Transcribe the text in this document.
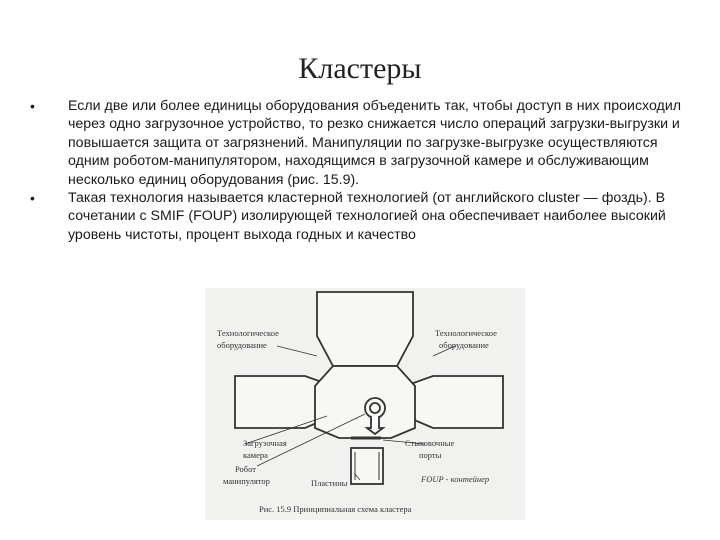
Кластеры
• Если две или более единицы оборудования объеденить так, чтобы доступ в них происходил через одно загрузочное устройство, то резко снижается число операций загрузки-выгрузки и повышается защита от загрязнений. Манипуляции по загрузке-выгрузке осуществляются одним роботом-манипулятором, находящимся в загрузочной камере и обслуживающим несколько единиц оборудования (рис. 15.9).
• Такая технология называется кластерной технологией (от английского cluster — фоздь). В сочетании с SMIF (FOUP) изолирующей технологией она обеспечивает наиболее высокий уровень чистоты, процент выхода годных и качество
Технологическое
оборудование
Технологическое
оборудование
Загрузочная
камера
Робот
манипулятор
Стыковочные
порты
Пластины	FOUP - контейнер
Рис. 15.9 Принципиальная схема кластера
